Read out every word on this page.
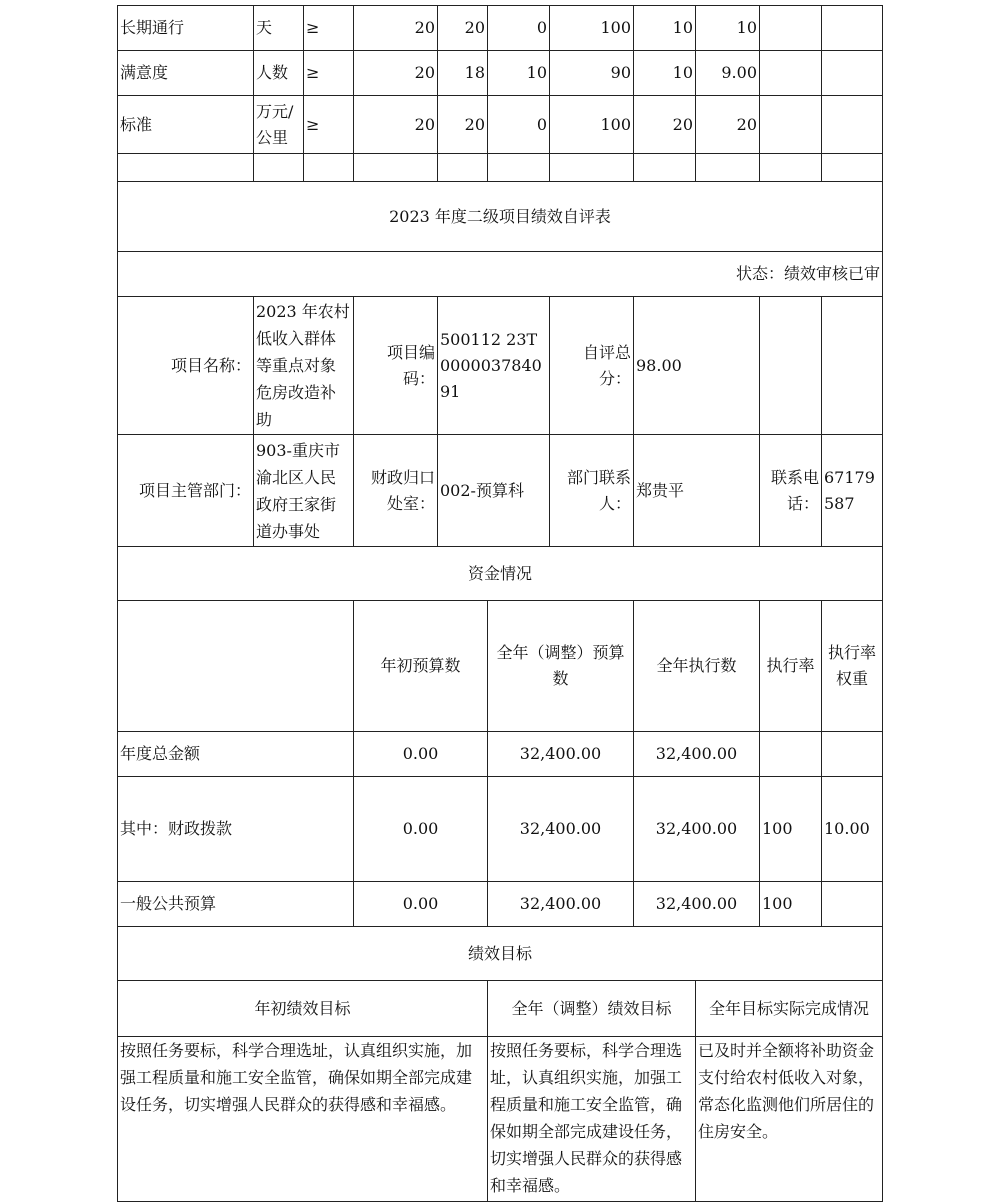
长期通行	天	≥	20	20	0	100	10	10			
满意度	人数	≥	20	18	10	90	10	9.00			
标准	万元/公里	≥	20	20	0	100	20	20			

2023 年度二级项目绩效自评表											
状态：绩效审核已审											
项目名称：	2023 年农村低收入群体等重点对象危房改造补助		项目编码：	500112 23T000003784091		自评总分：	98.00				
项目主管部门：	903-重庆市渝北区人民政府王家街道办事处		财政归口处室：	002-预算科		部门联系人：	郑贵平		联系电话：	67179587	
资金情况											
			年初预算数		全年（调整）预算数		全年执行数		执行率	执行率权重	
年度总金额			0.00		32,400.00		32,400.00				
其中：财政拨款			0.00		32,400.00		32,400.00		100	10.00	
一般公共预算			0.00		32,400.00		32,400.00		100		
绩效目标											
年初绩效目标					全年（调整）绩效目标			全年目标实际完成情况			
按照任务要标，科学合理选址，认真组织实施，加强工程质量和施工安全监管，确保如期全部完成建设任务，切实增强人民群众的获得感和幸福感。					按照任务要标，科学合理选址，认真组织实施，加强工程质量和施工安全监管，确保如期全部完成建设任务，切实增强人民群众的获得感和幸福感。			已及时并全额将补助资金支付给农村低收入对象，常态化监测他们所居住的住房安全。			
